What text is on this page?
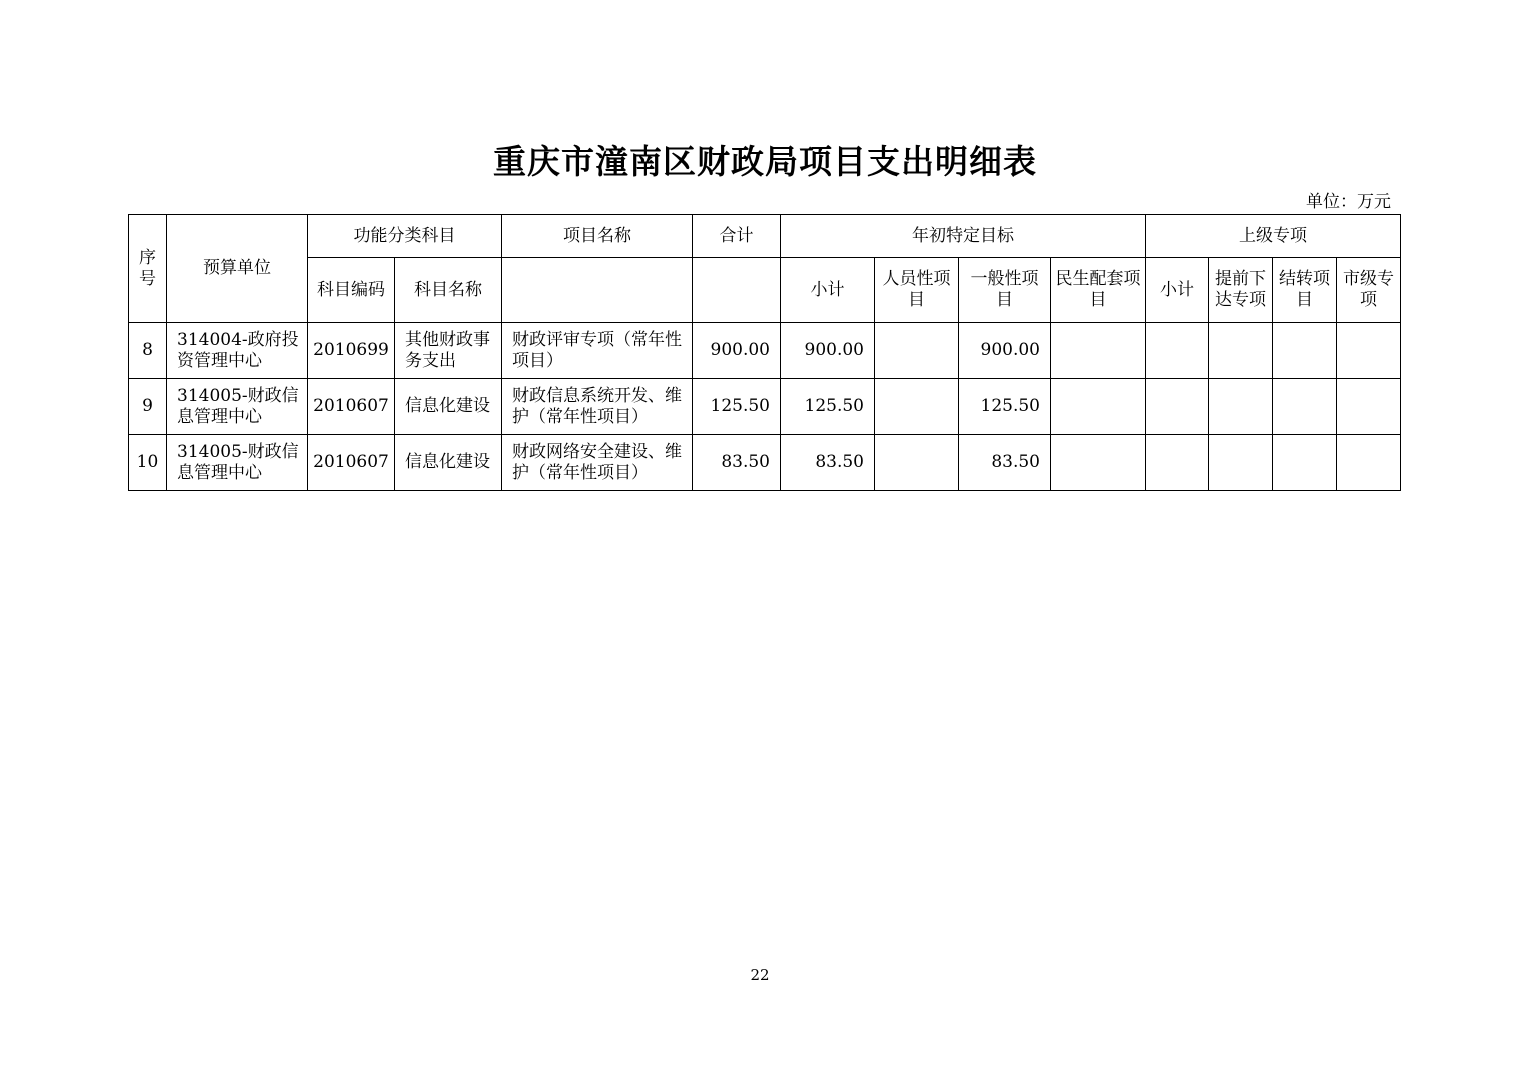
重庆市潼南区财政局项目支出明细表
单位：万元
序号	预算单位	功能分类科目		项目名称	合计	年初特定目标				上级专项			
		科目编码	科目名称			小计	人员性项目	一般性项目	民生配套项目	小计	提前下达专项	结转项目	市级专项
8	314004-政府投资管理中心	2010699	其他财政事务支出	财政评审专项（常年性项目）	900.00	900.00		900.00					
9	314005-财政信息管理中心	2010607	信息化建设	财政信息系统开发、维护（常年性项目）	125.50	125.50		125.50					
10	314005-财政信息管理中心	2010607	信息化建设	财政网络安全建设、维护（常年性项目）	83.50	83.50		83.50					
22
